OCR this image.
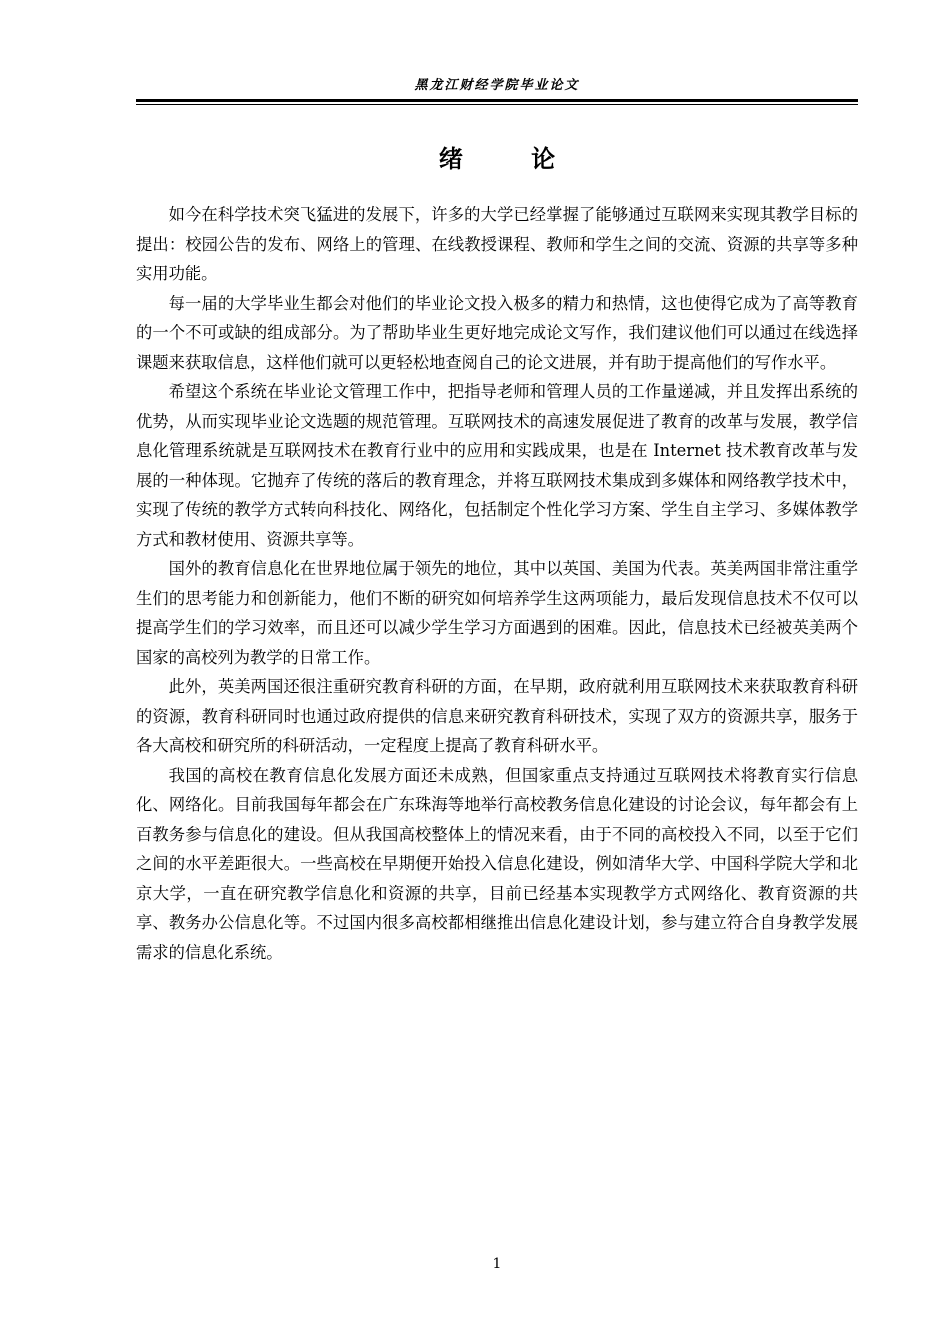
黑龙江财经学院毕业论文
绪 论

如今在科学技术突飞猛进的发展下，许多的大学已经掌握了能够通过互联网来实现其教学目标的提出：校园公告的发布、网络上的管理、在线教授课程、教师和学生之间的交流、资源的共享等多种实用功能。

每一届的大学毕业生都会对他们的毕业论文投入极多的精力和热情，这也使得它成为了高等教育的一个不可或缺的组成部分。为了帮助毕业生更好地完成论文写作，我们建议他们可以通过在线选择课题来获取信息，这样他们就可以更轻松地查阅自己的论文进展，并有助于提高他们的写作水平。

希望这个系统在毕业论文管理工作中，把指导老师和管理人员的工作量递减，并且发挥出系统的优势，从而实现毕业论文选题的规范管理。互联网技术的高速发展促进了教育的改革与发展，教学信息化管理系统就是互联网技术在教育行业中的应用和实践成果，也是在 Internet 技术教育改革与发展的一种体现。它抛弃了传统的落后的教育理念，并将互联网技术集成到多媒体和网络教学技术中，实现了传统的教学方式转向科技化、网络化，包括制定个性化学习方案、学生自主学习、多媒体教学方式和教材使用、资源共享等。

国外的教育信息化在世界地位属于领先的地位，其中以英国、美国为代表。英美两国非常注重学生们的思考能力和创新能力，他们不断的研究如何培养学生这两项能力，最后发现信息技术不仅可以提高学生们的学习效率，而且还可以减少学生学习方面遇到的困难。因此，信息技术已经被英美两个国家的高校列为教学的日常工作。

此外，英美两国还很注重研究教育科研的方面，在早期，政府就利用互联网技术来获取教育科研的资源，教育科研同时也通过政府提供的信息来研究教育科研技术，实现了双方的资源共享，服务于各大高校和研究所的科研活动，一定程度上提高了教育科研水平。

我国的高校在教育信息化发展方面还未成熟，但国家重点支持通过互联网技术将教育实行信息化、网络化。目前我国每年都会在广东珠海等地举行高校教务信息化建设的讨论会议，每年都会有上百教务参与信息化的建设。但从我国高校整体上的情况来看，由于不同的高校投入不同，以至于它们之间的水平差距很大。一些高校在早期便开始投入信息化建设，例如清华大学、中国科学院大学和北京大学，一直在研究教学信息化和资源的共享，目前已经基本实现教学方式网络化、教育资源的共享、教务办公信息化等。不过国内很多高校都相继推出信息化建设计划，参与建立符合自身教学发展需求的信息化系统。

1
